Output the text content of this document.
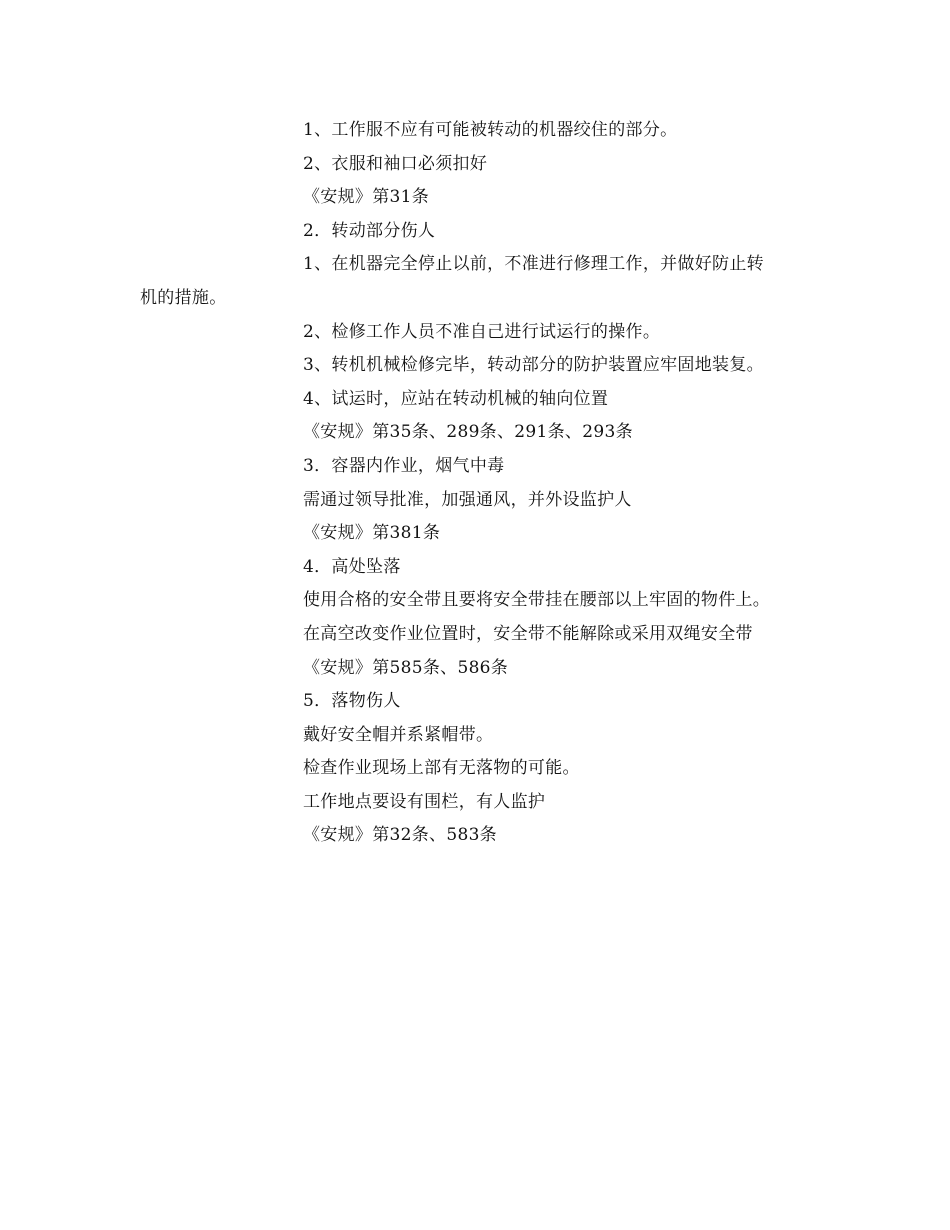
1、工作服不应有可能被转动的机器绞住的部分。
2、衣服和袖口必须扣好
《安规》第31条
2．转动部分伤人
1、在机器完全停止以前，不准进行修理工作，并做好防止转
机的措施。
2、检修工作人员不准自己进行试运行的操作。
3、转机机械检修完毕，转动部分的防护装置应牢固地装复。
4、试运时，应站在转动机械的轴向位置
《安规》第35条、289条、291条、293条
3．容器内作业，烟气中毒
需通过领导批准，加强通风，并外设监护人
《安规》第381条
4．高处坠落
使用合格的安全带且要将安全带挂在腰部以上牢固的物件上。
在高空改变作业位置时，安全带不能解除或采用双绳安全带
《安规》第585条、586条
5．落物伤人
戴好安全帽并系紧帽带。
检查作业现场上部有无落物的可能。
工作地点要设有围栏，有人监护
《安规》第32条、583条
